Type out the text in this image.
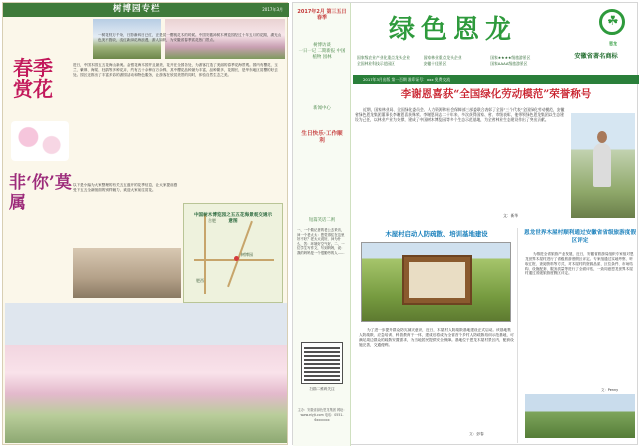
树博园专栏	2017年3月
一树花枝万千朵，日影渐斜日已红，正是赏一樱桃花木的时候。中国安徽神树木博览园经过十年五月的花期，湖光山色美不胜收，浅红新绿花海浪漫，游人如织，为安徽省春季赏花热门景点。
春季赏花
进日，中国木园五五花海山新奥。金银花海木园并且最美，花开在全园各处，为游客打造了美丽的春季花海景观。园内有樱花、玉兰、紫荆、海棠、杜鹃等多种花卉，约有五十余种百万余株，其中樱花品种最为丰富，品种繁多，花期长，是华东地区赏樱的好去处。园区还推出了丰富多彩的游园活动和特色服务，让游客在欣赏美景的同时，体验自然生态之美。
非‘你’莫属
以下是小编为大家整理的有关五五盛开的花季信息，让大家提前感受下五五全新版面的别样魅力，欢迎大家前往赏花。
树博园
合肥
肥西
中国树木博览园之五五花海景观交通示意图
2017年2月 第三五日春季
树博访谈
一日一记 二期新报 中国 植物 园林
新闻中心
生日快乐·工作顺利
短篇笑话二则
一、一个做记者的老公去采访，问一个老太太：您觉得住在这里好不好？老太太说好，问为什么，答：环境好空气好。二、一位学生写作文，写到妈妈，说：我的妈妈是一个很勤劳的人……
扫描二维码关注
主办：安徽省绿色恩龙集团 网址：www.elyjt.com 电话：0551-6xxxxxxx
绿色恩龙
☘	恩龙
安徽省著名商标
国家级农业产业化重点龙头企业	国家林业重点龙头企业	国家★★★★级旅游景区
全国林业科技示范园区	安徽十佳景区	国家AAAA级旅游景区
2017年3月出版 第一百期 准印证号：xxx 免费交流
李谢恩喜获“全国绿化劳动模范”荣誉称号
近期，国家林业局、全国绿化委员会、人力资源和社会保障部三部委联合表彰了全国“三个代表”全国绿化劳动模范，安徽省绿色恩龙集团董事长李谢恩喜获殊荣。李谢恩同志二十年来，多次获得国家、省、市级表彰，他带领绿色恩龙集团以生态建设为己任，以林业产业为支撑，建成了中国树木博览园等多个生态示范基地，为全省林业生态建设作出了突出贡献。
文：新华
木屋村启动人防疏散、培训基地建设
为了进一步提升群众防灾减灾意识，近日，木屋村人防疏散基地建设正式启动。该基地集人防疏散、应急培训、科普教育于一体，建成后将成为全省首个乡村人防疏散培训示范基地，可满足周边群众的疏散安置需求，为当地居民提供安全保障。基地位于恩龙木屋村景区内，配套设施完善，交通便利。
文：彭春
恩龙世界木屋村顺利通过安徽省省级旅游度假区评定
为推进全省旅游产业发展，近日，安徽省旅游局组织专家组对恩龙世界木屋村进行了省级旅游度假区评定。专家组通过实地考察、听取汇报、查阅资料等方式，对木屋村的资源品质、区位条件、市场结构、设施配套、服务质量等进行了全面评估，一致同意恩龙世界木屋村通过省级旅游度假区评定。
文：Penny
